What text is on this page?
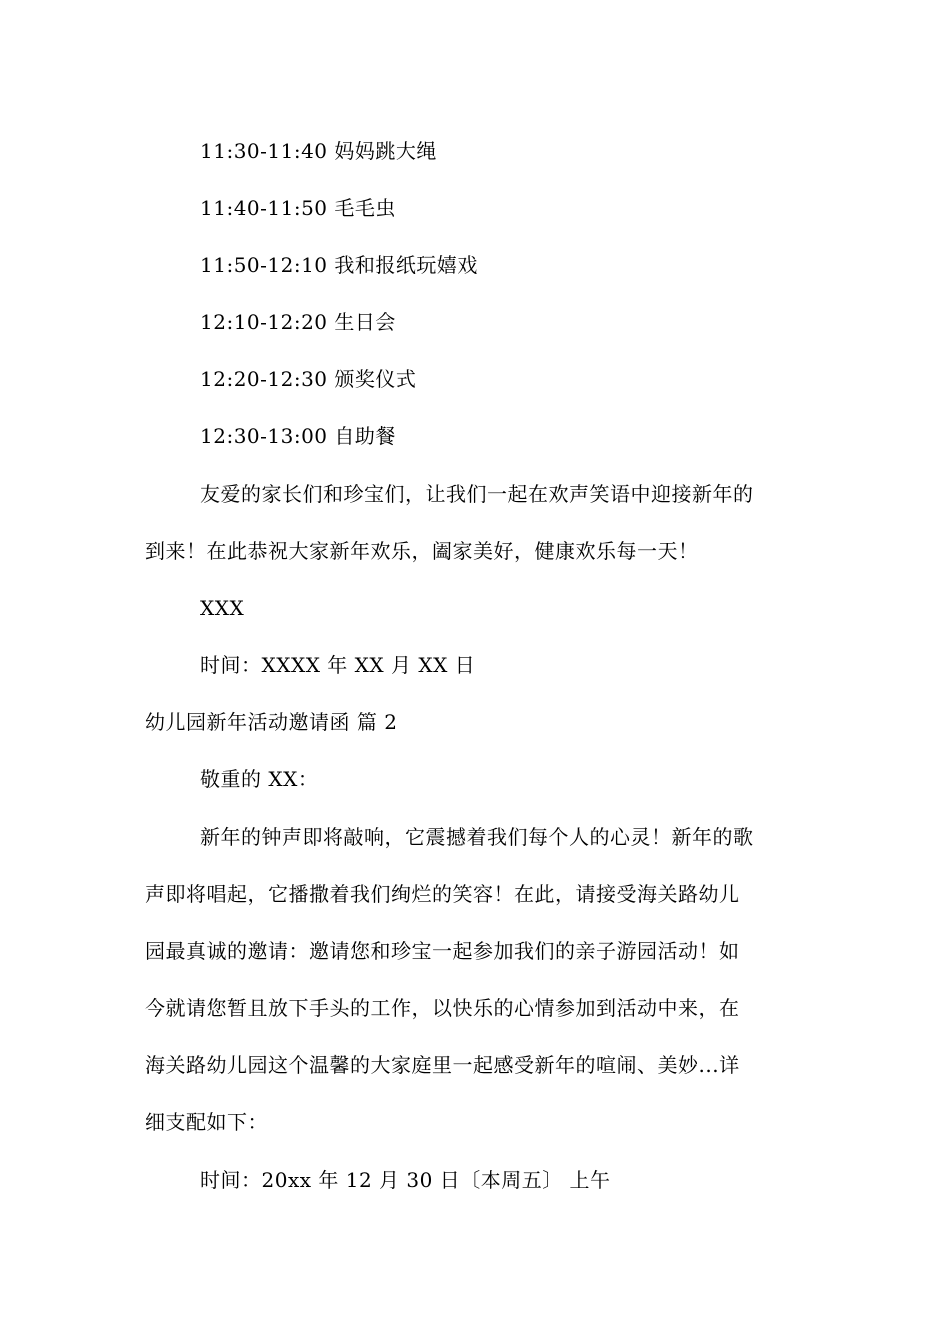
11:30-11:40 妈妈跳大绳
11:40-11:50 毛毛虫
11:50-12:10 我和报纸玩嬉戏
12:10-12:20 生日会
12:20-12:30 颁奖仪式
12:30-13:00 自助餐
友爱的家长们和珍宝们，让我们一起在欢声笑语中迎接新年的
到来！在此恭祝大家新年欢乐，阖家美好，健康欢乐每一天！
XXX
时间：XXXX 年 XX 月 XX 日
幼儿园新年活动邀请函 篇 2
敬重的 XX：
新年的钟声即将敲响，它震撼着我们每个人的心灵！新年的歌
声即将唱起，它播撒着我们绚烂的笑容！在此，请接受海关路幼儿
园最真诚的邀请：邀请您和珍宝一起参加我们的亲子游园活动！如
今就请您暂且放下手头的工作，以快乐的心情参加到活动中来，在
海关路幼儿园这个温馨的大家庭里一起感受新年的喧闹、美妙...详
细支配如下：
时间：20xx 年 12 月 30 日〔本周五〕 上午
